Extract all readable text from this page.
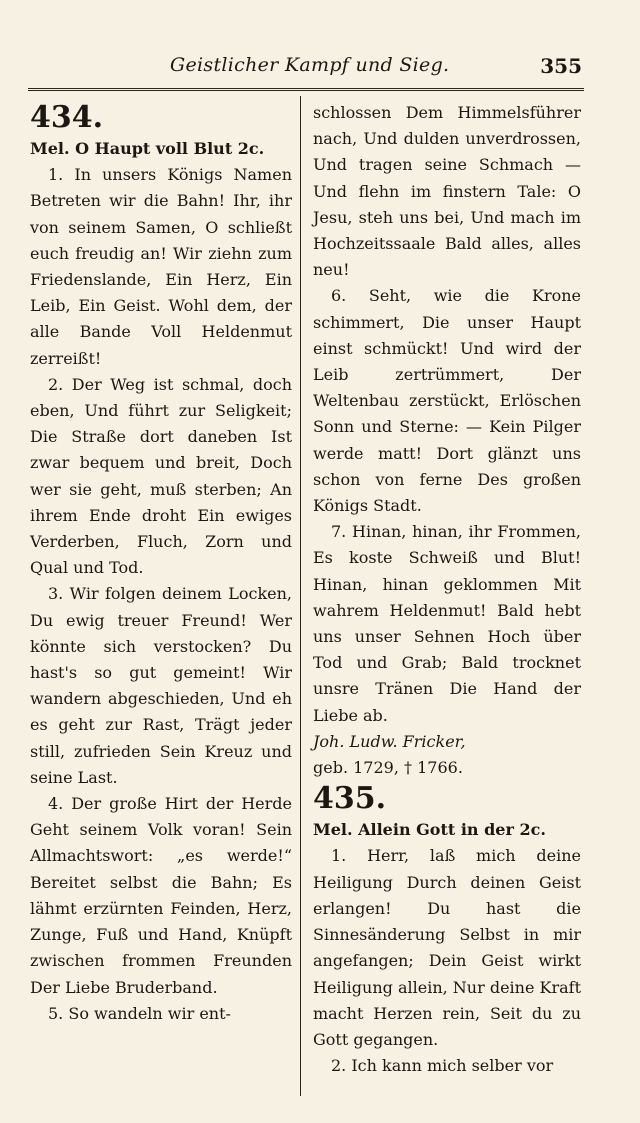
Geistlicher Kampf und Sieg.	355

434.

Mel. O Haupt voll Blut 2c.

1. In unsers Königs Namen Betreten wir die Bahn! Ihr, ihr von seinem Samen, O schließt euch freudig an! Wir ziehn zum Friedenslande, Ein Herz, Ein Leib, Ein Geist. Wohl dem, der alle Bande Voll Heldenmut zerreißt!

2. Der Weg ist schmal, doch eben, Und führt zur Seligkeit; Die Straße dort daneben Ist zwar bequem und breit, Doch wer sie geht, muß sterben; An ihrem Ende droht Ein ewiges Verderben, Fluch, Zorn und Qual und Tod.

3. Wir folgen deinem Locken, Du ewig treuer Freund! Wer könnte sich verstocken? Du hast's so gut gemeint! Wir wandern abgeschieden, Und eh es geht zur Rast, Trägt jeder still, zufrieden Sein Kreuz und seine Last.

4. Der große Hirt der Herde Geht seinem Volk voran! Sein Allmachtswort: „es werde!“ Bereitet selbst die Bahn; Es lähmt erzürnten Feinden, Herz, Zunge, Fuß und Hand, Knüpft zwischen frommen Freunden Der Liebe Bruderband.

5. So wandeln wir ent-

schlossen Dem Himmelsführer nach, Und dulden unverdrossen, Und tragen seine Schmach — Und flehn im finstern Tale: O Jesu, steh uns bei, Und mach im Hochzeitssaale Bald alles, alles neu!

6. Seht, wie die Krone schimmert, Die unser Haupt einst schmückt! Und wird der Leib zertrümmert, Der Weltenbau zerstückt, Erlöschen Sonn und Sterne: — Kein Pilger werde matt! Dort glänzt uns schon von ferne Des großen Königs Stadt.

7. Hinan, hinan, ihr Frommen, Es koste Schweiß und Blut! Hinan, hinan geklommen Mit wahrem Heldenmut! Bald hebt uns unser Sehnen Hoch über Tod und Grab; Bald trocknet unsre Tränen Die Hand der Liebe ab.

Joh. Ludw. Fricker,

geb. 1729, † 1766.

435.

Mel. Allein Gott in der 2c.

1. Herr, laß mich deine Heiligung Durch deinen Geist erlangen! Du hast die Sinnesänderung Selbst in mir angefangen; Dein Geist wirkt Heiligung allein, Nur deine Kraft macht Herzen rein, Seit du zu Gott gegangen.

2. Ich kann mich selber vor
